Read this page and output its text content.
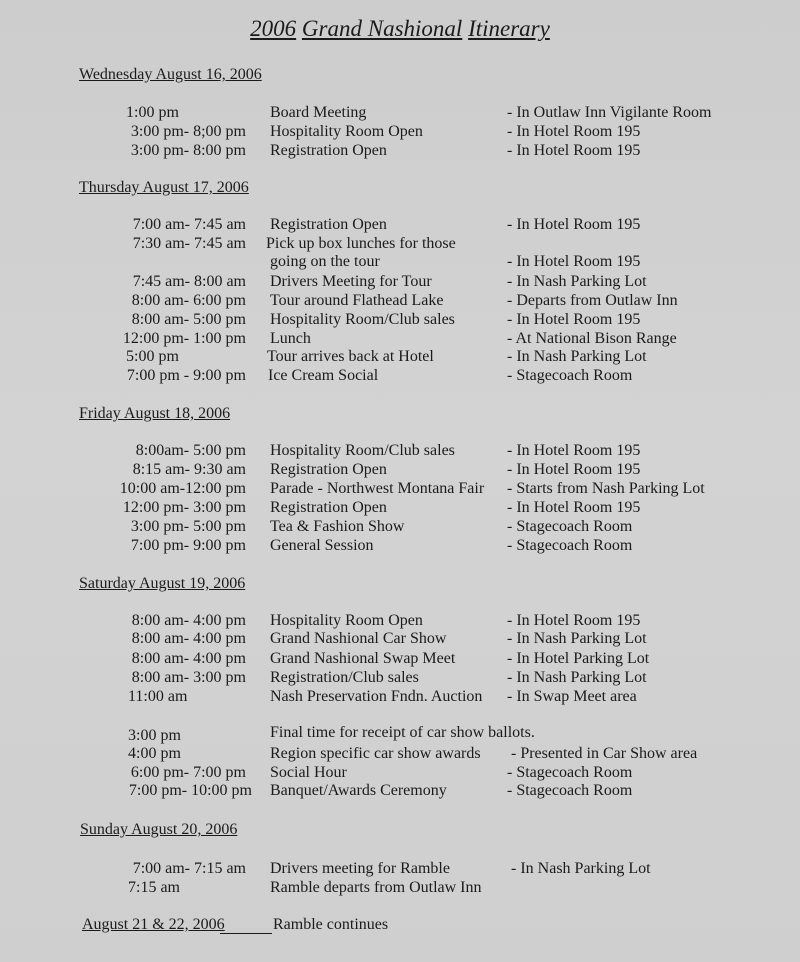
2006 Grand Nashional Itinerary
Wednesday August 16, 2006
1:00 pm	Board Meeting	- In Outlaw Inn Vigilante Room
3:00 pm- 8;00 pm Hospitality Room Open	- In Hotel Room 195
3:00 pm- 8:00 pm Registration Open	- In Hotel Room 195
Thursday August 17, 2006
7:00 am- 7:45 am Registration Open	- In Hotel Room 195
7:30 am- 7:45 am Pick up box lunches for those
going on the tour	- In Hotel Room 195
7:45 am- 8:00 am Drivers Meeting for Tour	- In Nash Parking Lot
8:00 am- 6:00 pm Tour around Flathead Lake	- Departs from Outlaw Inn
8:00 am- 5:00 pm Hospitality Room/Club sales	- In Hotel Room 195
12:00 pm- 1:00 pm Lunch	- At National Bison Range
5:00 pm	Tour arrives back at Hotel	- In Nash Parking Lot
7:00 pm - 9:00 pm Ice Cream Social	- Stagecoach Room
Friday August 18, 2006
8:00am- 5:00 pm Hospitality Room/Club sales	- In Hotel Room 195
8:15 am- 9:30 am Registration Open	- In Hotel Room 195
10:00 am-12:00 pm Parade - Northwest Montana Fair - Starts from Nash Parking Lot
12:00 pm- 3:00 pm Registration Open	- In Hotel Room 195
3:00 pm- 5:00 pm Tea & Fashion Show	- Stagecoach Room
7:00 pm- 9:00 pm General Session	- Stagecoach Room
Saturday August 19, 2006
8:00 am- 4:00 pm Hospitality Room Open	- In Hotel Room 195
8:00 am- 4:00 pm Grand Nashional Car Show	- In Nash Parking Lot
8:00 am- 4:00 pm Grand Nashional Swap Meet	- In Hotel Parking Lot
8:00 am- 3:00 pm Registration/Club sales	- In Nash Parking Lot
11:00 am	Nash Preservation Fndn. Auction - In Swap Meet area
3:00 pm	Final time for receipt of car show ballots.
4:00 pm	Region specific car show awards - Presented in Car Show area
6:00 pm- 7:00 pm Social Hour	- Stagecoach Room
7:00 pm- 10:00 pm Banquet/Awards Ceremony	- Stagecoach Room
Sunday August 20, 2006
7:00 am- 7:15 am Drivers meeting for Ramble	- In Nash Parking Lot
7:15 am	Ramble departs from Outlaw Inn
August 21 & 22, 2006	Ramble continues
